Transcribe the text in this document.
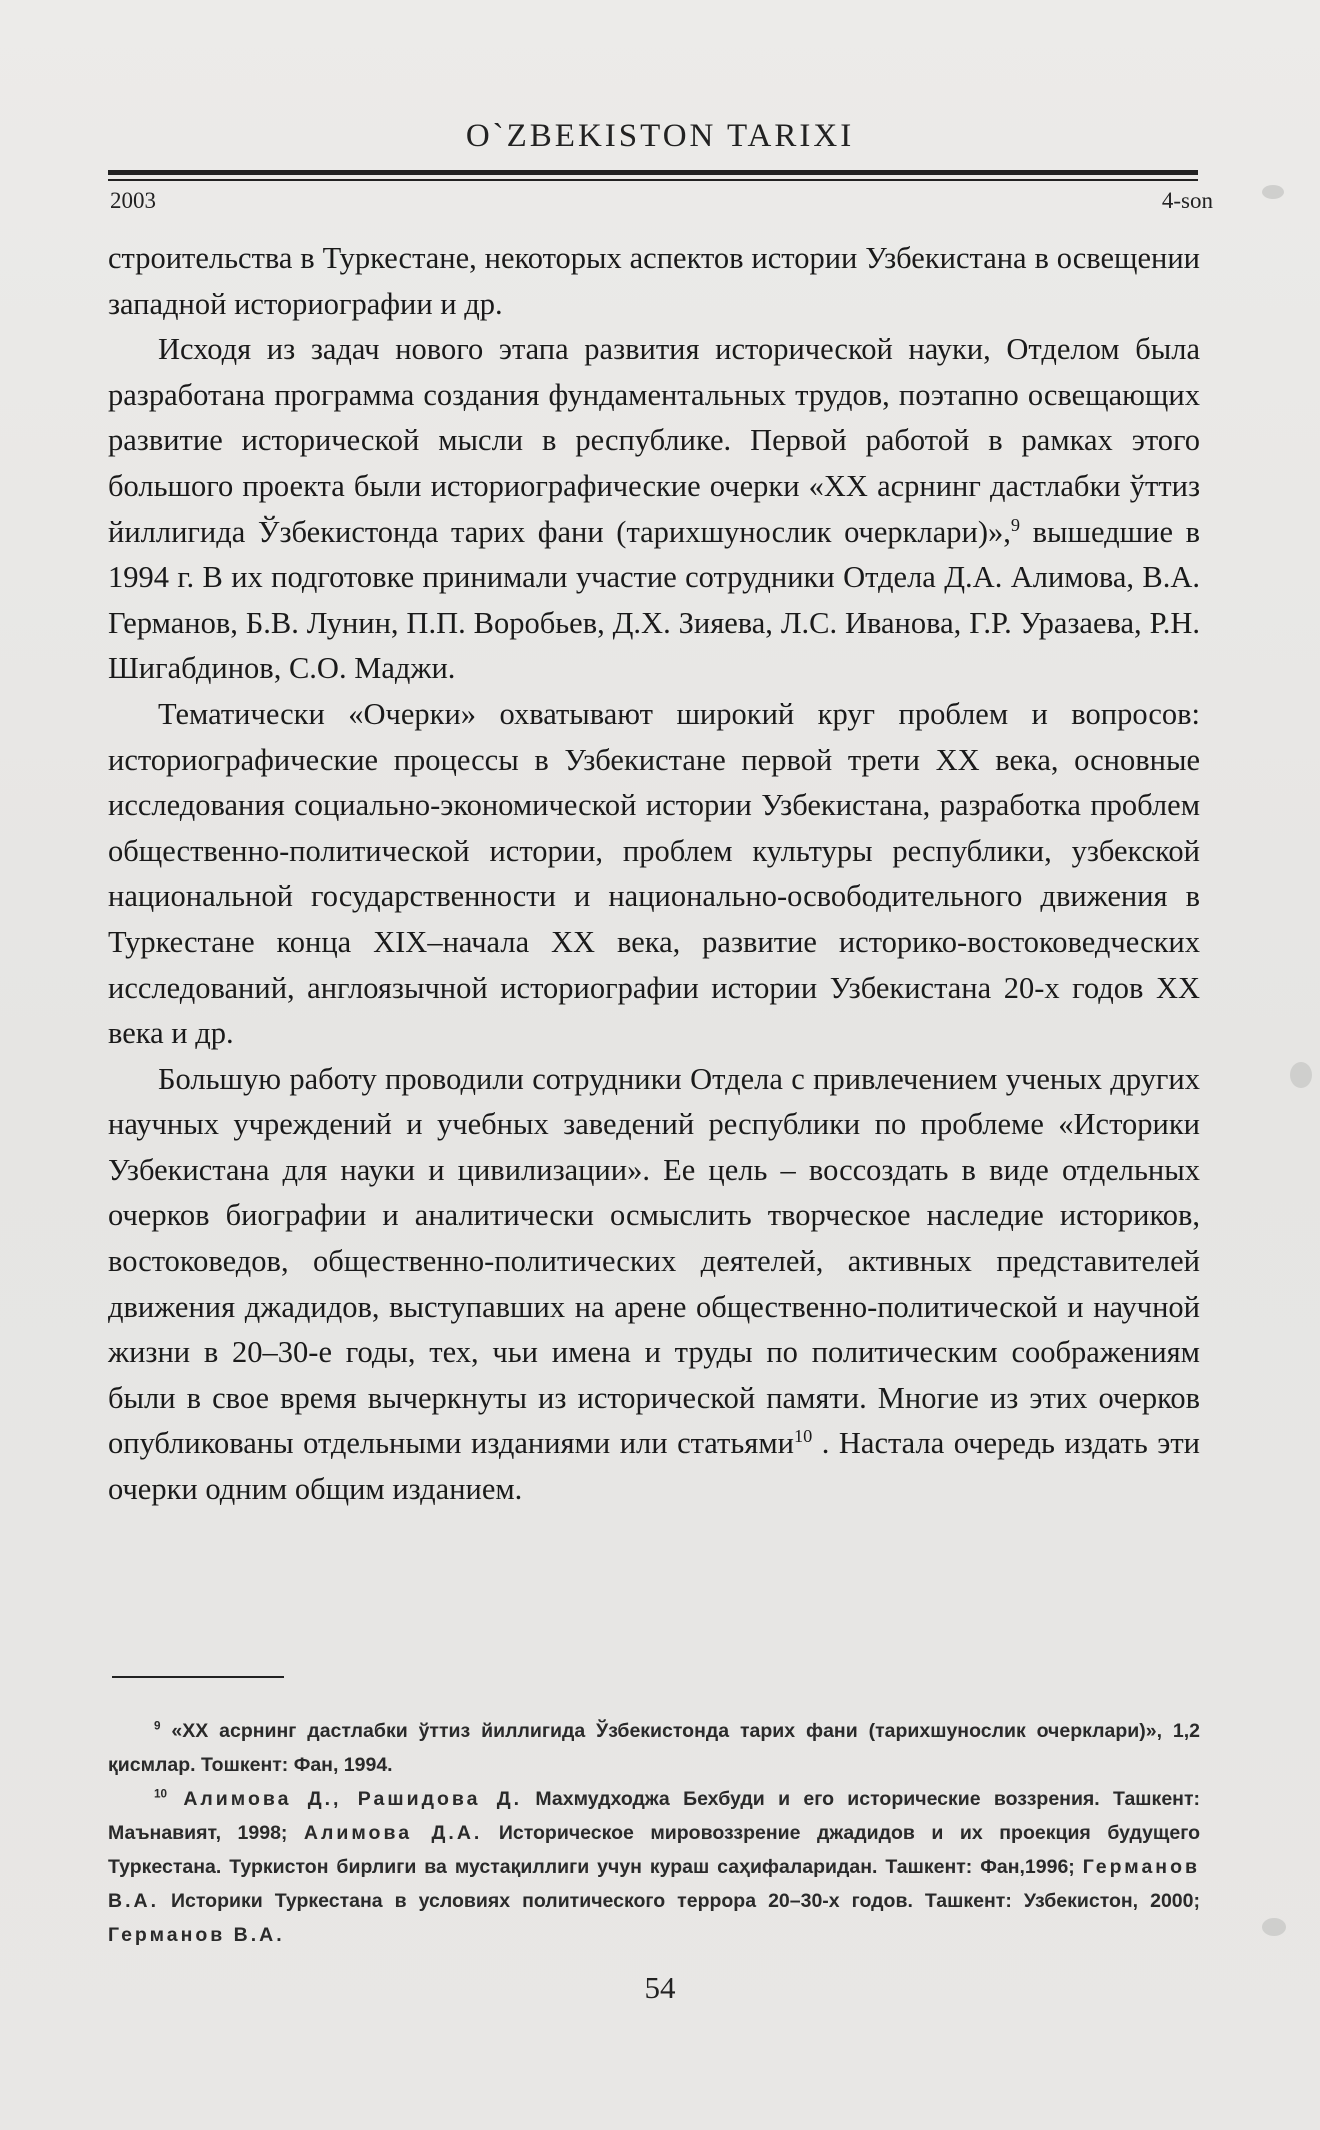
O`ZBEKISTON TARIXI
2003	4-son

строительства в Туркестане, некоторых аспектов истории Узбекистана в освещении западной историографии и др.

Исходя из задач нового этапа развития исторической науки, Отделом была разработана программа создания фундаментальных трудов, поэтапно освещающих развитие исторической мысли в республике. Первой работой в рамках этого большого проекта были историографические очерки «XX асрнинг дастлабки ўттиз йиллигида Ўзбекистонда тарих фани (тарихшунослик очерклари)»,$^9$ вышедшие в 1994 г. В их подготовке принимали участие сотрудники Отдела Д.А. Алимова, В.А. Германов, Б.В. Лунин, П.П. Воробьев, Д.Х. Зияева, Л.С. Иванова, Г.Р. Уразаева, Р.Н. Шигабдинов, С.О. Маджи.

Тематически «Очерки» охватывают широкий круг проблем и вопросов: историографические процессы в Узбекистане первой трети XX века, основные исследования социально-экономической истории Узбекистана, разработка проблем общественно-политической истории, проблем культуры республики, узбекской национальной государственности и национально-освободительного движения в Туркестане конца XIX–начала XX века, развитие историко-востоковедческих исследований, англоязычной историографии истории Узбекистана 20-х годов XX века и др.

Большую работу проводили сотрудники Отдела с привлечением ученых других научных учреждений и учебных заведений республики по проблеме «Историки Узбекистана для науки и цивилизации». Ее цель – воссоздать в виде отдельных очерков биографии и аналитически осмыслить творческое наследие историков, востоковедов, общественно-политических деятелей, активных представителей движения джадидов, выступавших на арене общественно-политической и научной жизни в 20–30-е годы, тех, чьи имена и труды по политическим соображениям были в свое время вычеркнуты из исторической памяти. Многие из этих очерков опубликованы отдельными изданиями или статьями$^{10}$ . Настала очередь издать эти очерки одним общим изданием.

$^9$ «XX асрнинг дастлабки ўттиз йиллигида Ўзбекистонда тарих фани (тарихшунослик очерклари)», 1,2 қисмлар. Тошкент: Фан, 1994.

$^{10}$ Алимова Д., Рашидова Д. Махмудходжа Бехбуди и его исторические воззрения. Ташкент: Маънавият, 1998; Алимова Д.А. Историческое мировоззрение джадидов и их проекция будущего Туркестана. Туркистон бирлиги ва мустақиллиги учун кураш саҳифаларидан. Ташкент: Фан,1996; Германов В.А. Историки Туркестана в условиях политического террора 20–30-х годов. Ташкент: Узбекистон, 2000; Германов В.А.

54
